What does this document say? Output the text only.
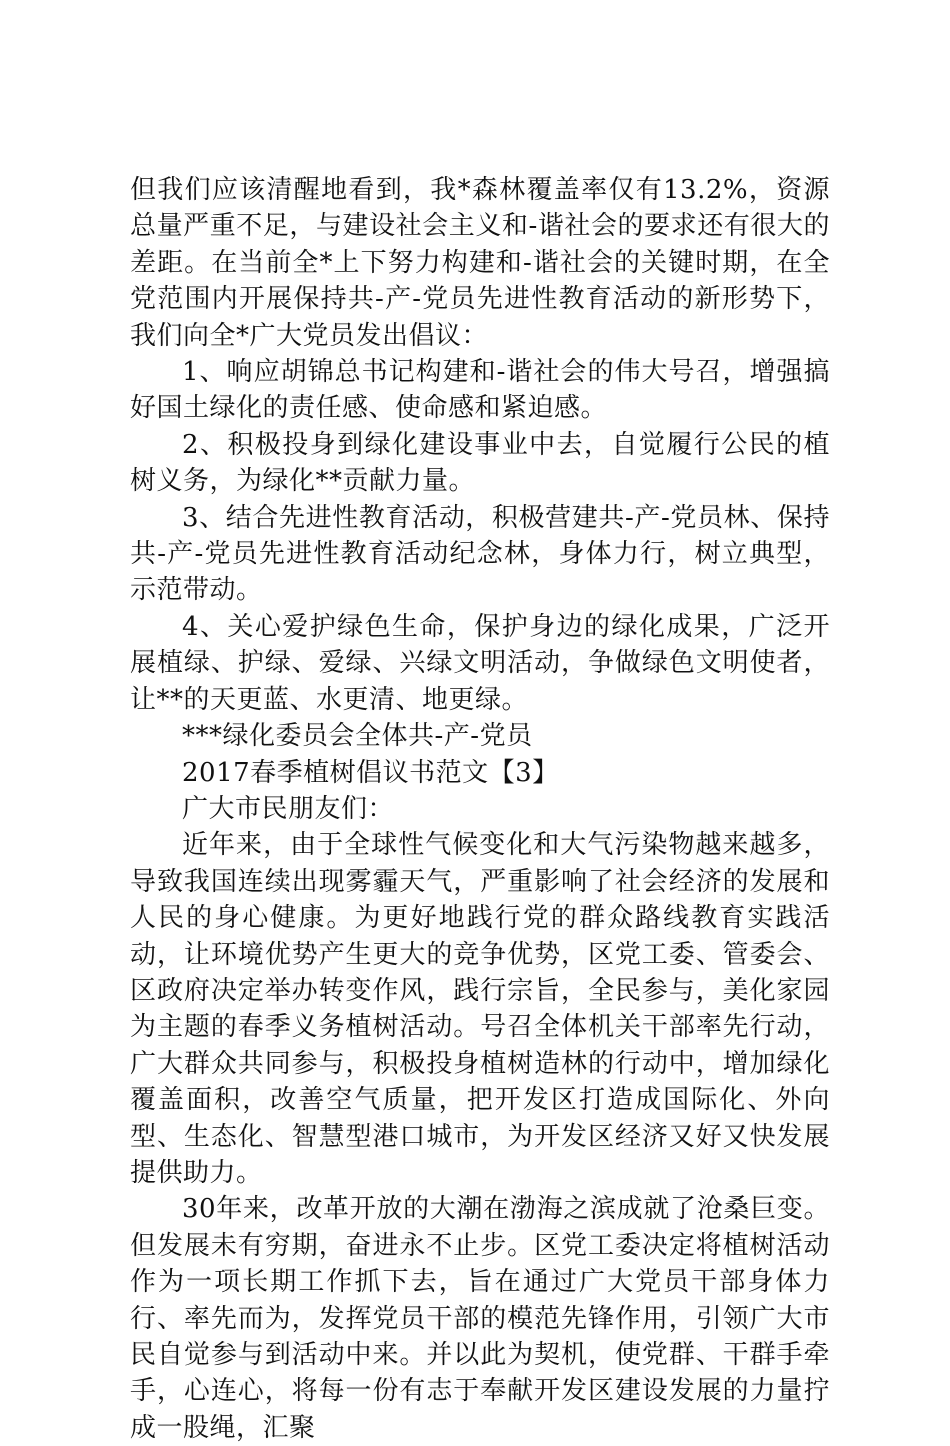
但我们应该清醒地看到，我*森林覆盖率仅有13.2%，资源总量严重不足，与建设社会主义和-谐社会的要求还有很大的差距。在当前全*上下努力构建和-谐社会的关键时期，在全党范围内开展保持共-产-党员先进性教育活动的新形势下，我们向全*广大党员发出倡议：

1、响应胡锦总书记构建和-谐社会的伟大号召，增强搞好国土绿化的责任感、使命感和紧迫感。

2、积极投身到绿化建设事业中去，自觉履行公民的植树义务，为绿化**贡献力量。

3、结合先进性教育活动，积极营建共-产-党员林、保持共-产-党员先进性教育活动纪念林，身体力行，树立典型，示范带动。

4、关心爱护绿色生命，保护身边的绿化成果，广泛开展植绿、护绿、爱绿、兴绿文明活动，争做绿色文明使者，让**的天更蓝、水更清、地更绿。

***绿化委员会全体共-产-党员

2017春季植树倡议书范文【3】

广大市民朋友们：

近年来，由于全球性气候变化和大气污染物越来越多，导致我国连续出现雾霾天气，严重影响了社会经济的发展和人民的身心健康。为更好地践行党的群众路线教育实践活动，让环境优势产生更大的竞争优势，区党工委、管委会、区政府决定举办转变作风，践行宗旨，全民参与，美化家园为主题的春季义务植树活动。号召全体机关干部率先行动，广大群众共同参与，积极投身植树造林的行动中，增加绿化覆盖面积，改善空气质量，把开发区打造成国际化、外向型、生态化、智慧型港口城市，为开发区经济又好又快发展提供助力。

30年来，改革开放的大潮在渤海之滨成就了沧桑巨变。但发展未有穷期，奋进永不止步。区党工委决定将植树活动作为一项长期工作抓下去，旨在通过广大党员干部身体力行、率先而为，发挥党员干部的模范先锋作用，引领广大市民自觉参与到活动中来。并以此为契机，使党群、干群手牵手，心连心，将每一份有志于奉献开发区建设发展的力量拧成一股绳，汇聚
